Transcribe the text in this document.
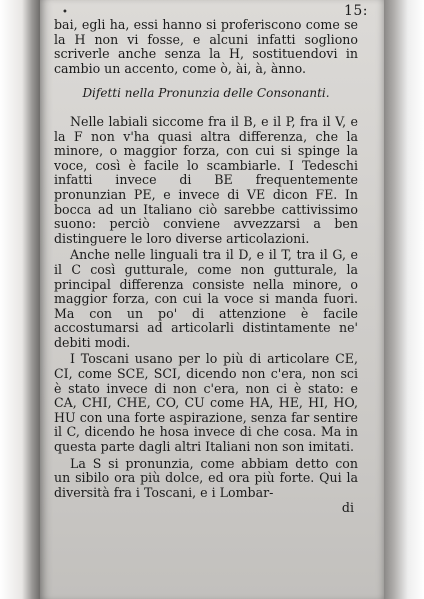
•	15:

bai, egli ha, essi hanno si proferiscono come se la H non vi fosse, e alcuni infatti sogliono scriverle anche senza la H, sostituendovi in cambio un accento, come ò, ài, à, ànno.

Difetti nella Pronunzia delle Consonanti.

Nelle labiali siccome fra il B, e il P, fra il V, e la F non v'ha quasi altra differenza, che la minore, o maggior forza, con cui si spinge la voce, così è facile lo scambiarle. I Tedeschi infatti invece di BE frequentemente pronunzian PE, e invece di VE dicon FE. In bocca ad un Italiano ciò sarebbe cattivissimo suono: perciò conviene avvezzarsi a ben distinguere le loro diverse articolazioni.

Anche nelle linguali tra il D, e il T, tra il G, e il C così gutturale, come non gutturale, la principal differenza consiste nella minore, o maggior forza, con cui la voce si manda fuori. Ma con un po' di attenzione è facile accostumarsi ad articolarli distintamente ne' debiti modi.

I Toscani usano per lo più di articolare CE, CI, come SCE, SCI, dicendo non c'era, non sci è stato invece di non c'era, non ci è stato: e CA, CHI, CHE, CO, CU come HA, HE, HI, HO, HU con una forte aspirazione, senza far sentire il C, dicendo he hosa invece di che cosa. Ma in questa parte dagli altri Italiani non son imitati.

La S si pronunzia, come abbiam detto con un sibilo ora più dolce, ed ora più forte. Qui la diversità fra i Toscani, e i Lombar-

di
